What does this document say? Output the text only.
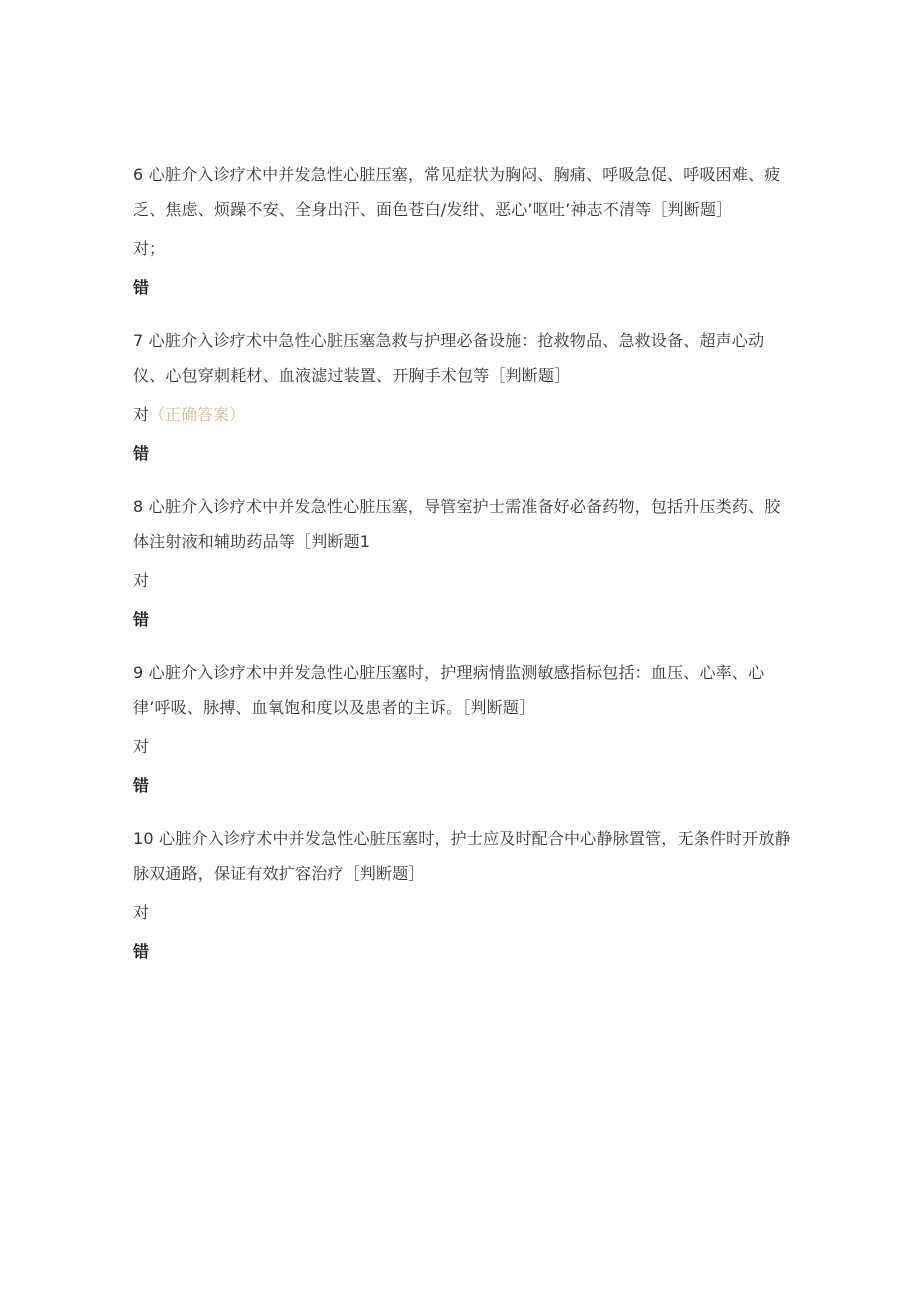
6 心脏介入诊疗术中并发急性心脏压塞，常见症状为胸闷、胸痛、呼吸急促、呼吸困难、疲乏、焦虑、烦躁不安、全身出汗、面色苍白/发绀、恶心’呕吐’神志不清等［判断题］

对；
错

7 心脏介入诊疗术中急性心脏压塞急救与护理必备设施：抢救物品、急救设备、超声心动仪、心包穿刺耗材、血液滤过装置、开胸手术包等［判断题］

对（正确答案）
错

8 心脏介入诊疗术中并发急性心脏压塞，导管室护士需准备好必备药物，包括升压类药、胶体注射液和辅助药品等［判断题1

对
错

9 心脏介入诊疗术中并发急性心脏压塞时，护理病情监测敏感指标包括：血压、心率、心律’呼吸、脉搏、血氧饱和度以及患者的主诉。［判断题］

对
错

10 心脏介入诊疗术中并发急性心脏压塞时，护士应及时配合中心静脉置管，无条件时开放静脉双通路，保证有效扩容治疗［判断题］

对
错
